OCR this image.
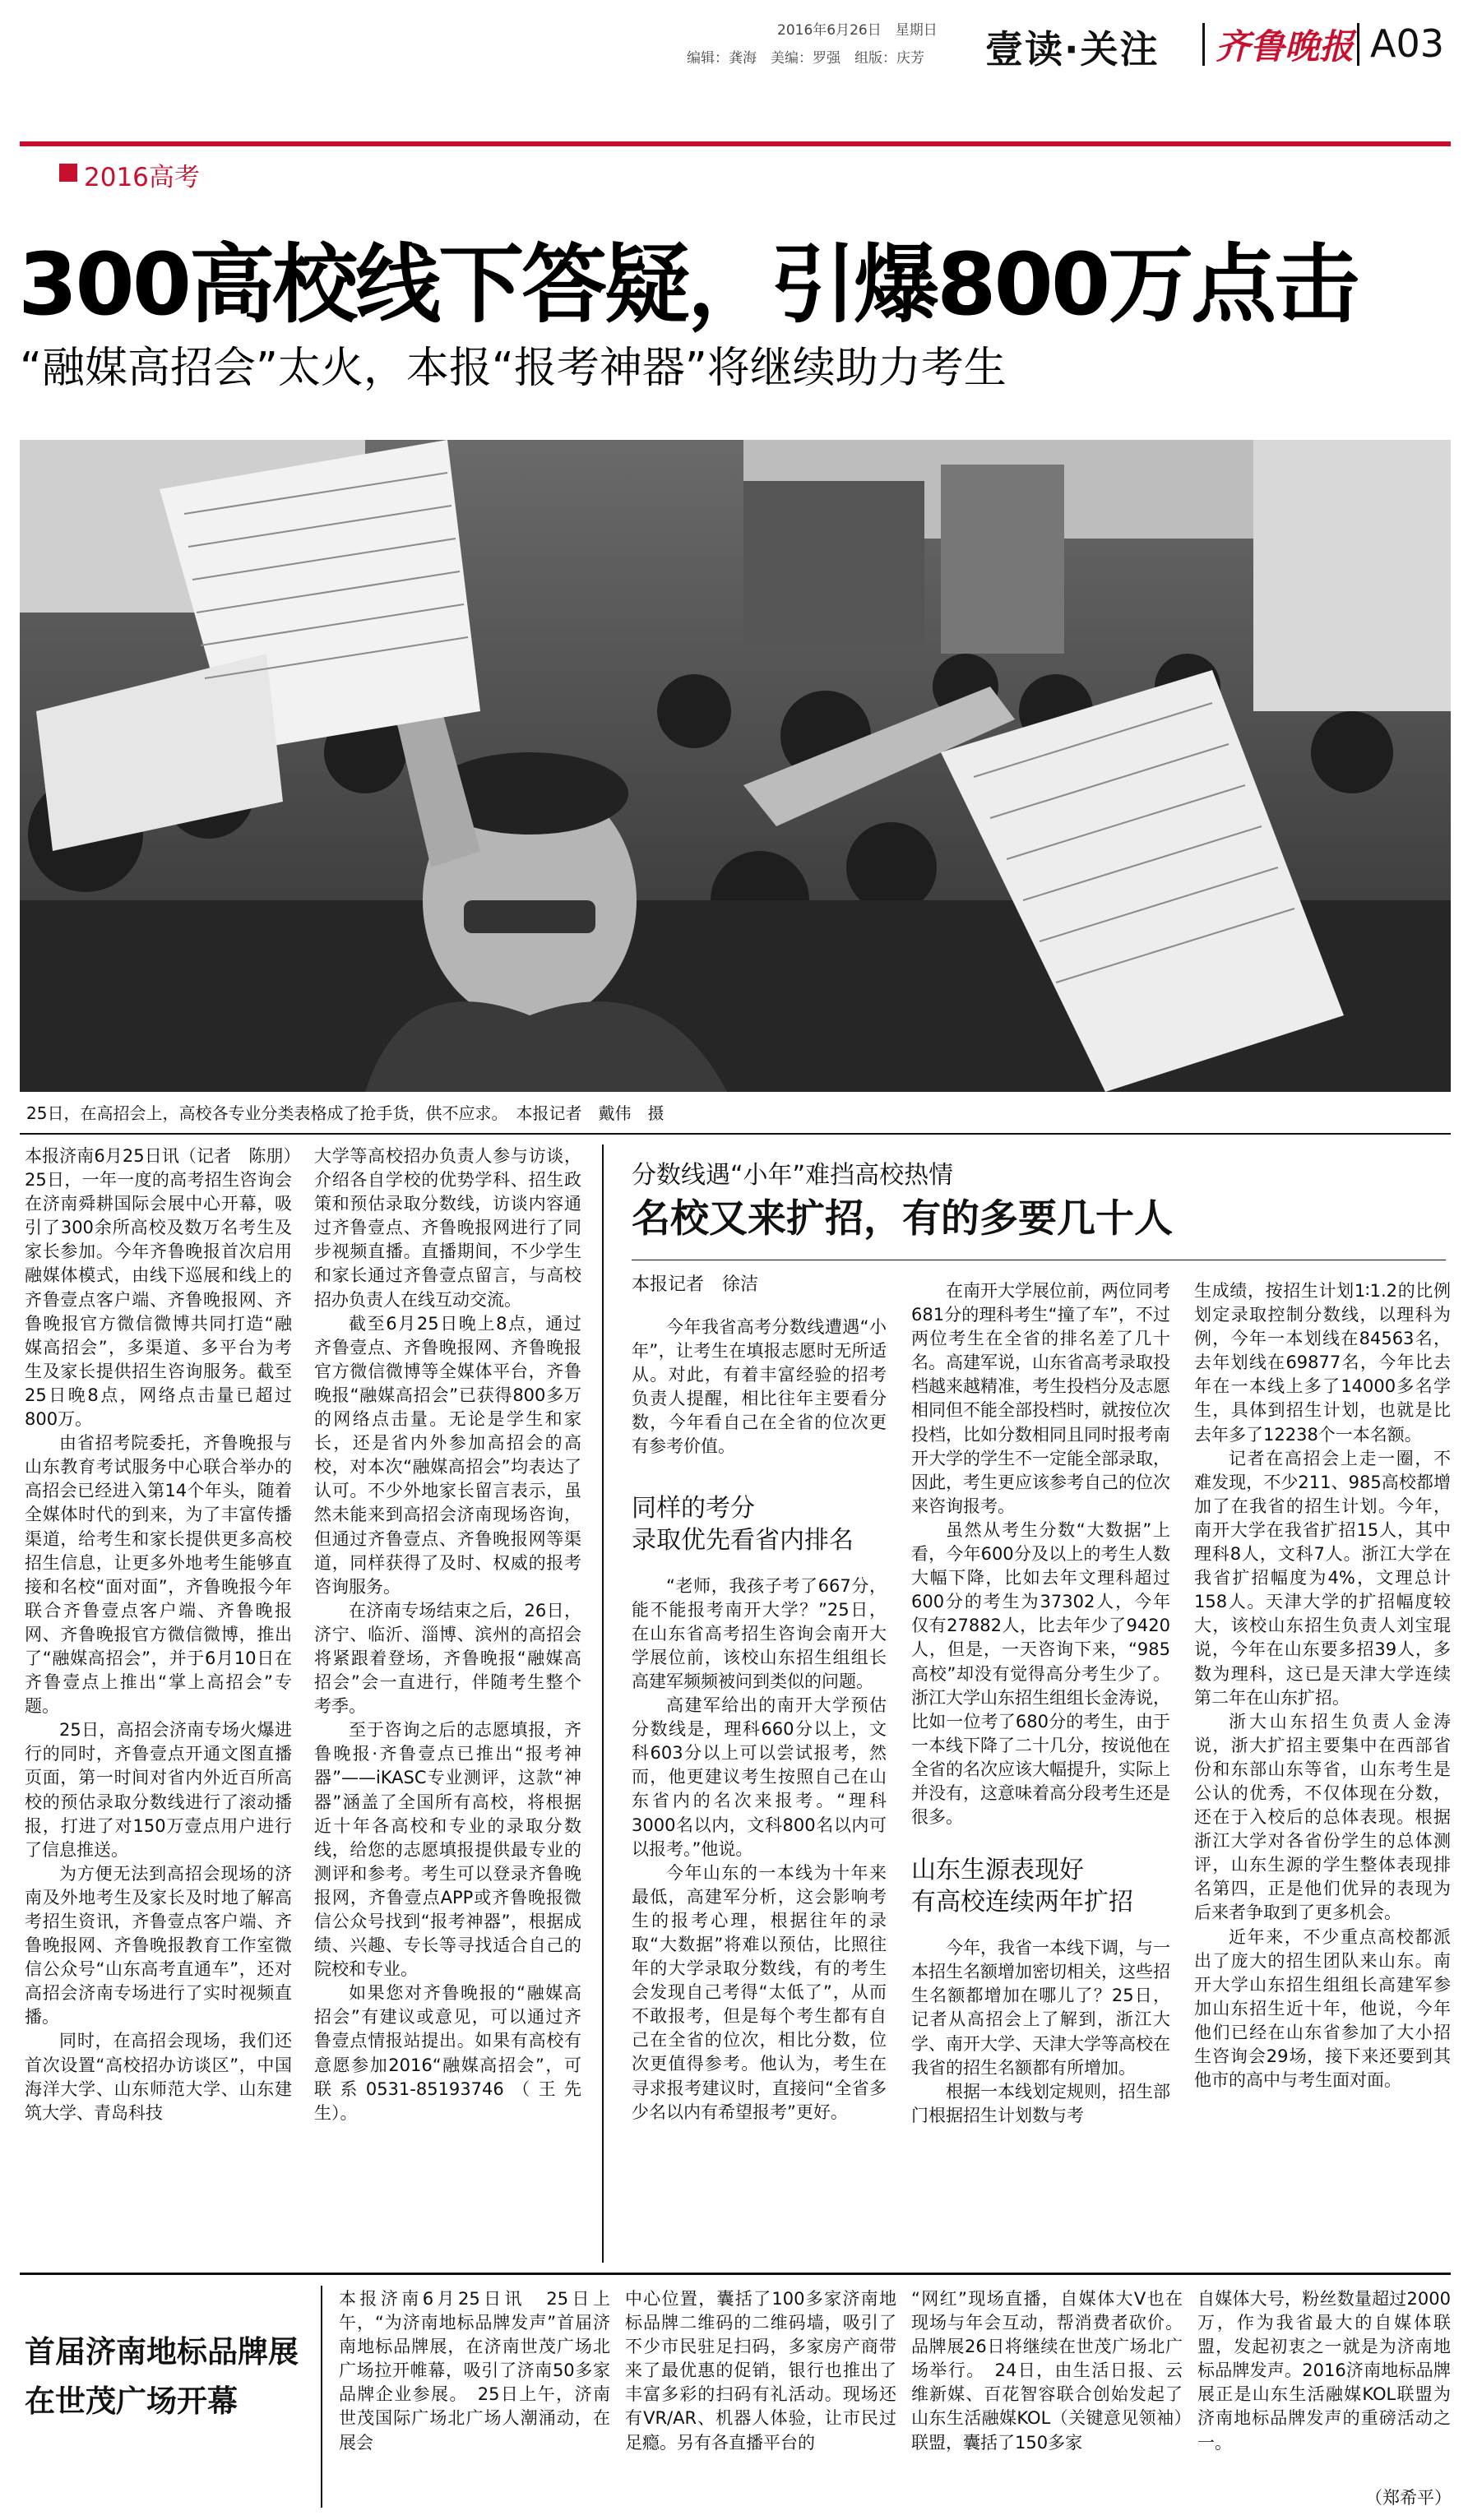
2016年6月26日　星期日
编辑：龚海　美编：罗强　组版：庆芳 壹读·关注 齐鲁晚报 A03
2016高考
300高校线下答疑，引爆800万点击
“融媒高招会”太火，本报“报考神器”将继续助力考生
25日，在高招会上，高校各专业分类表格成了抢手货，供不应求。　本报记者　戴伟　摄

本报济南6月25日讯（记者　陈朋）　25日，一年一度的高考招生咨询会在济南舜耕国际会展中心开幕，吸引了300余所高校及数万名考生及家长参加。今年齐鲁晚报首次启用融媒体模式，由线下巡展和线上的齐鲁壹点客户端、齐鲁晚报网、齐鲁晚报官方微信微博共同打造“融媒高招会”，多渠道、多平台为考生及家长提供招生咨询服务。截至25日晚8点，网络点击量已超过800万。

由省招考院委托，齐鲁晚报与山东教育考试服务中心联合举办的高招会已经进入第14个年头，随着全媒体时代的到来，为了丰富传播渠道，给考生和家长提供更多高校招生信息，让更多外地考生能够直接和名校“面对面”，齐鲁晚报今年联合齐鲁壹点客户端、齐鲁晚报网、齐鲁晚报官方微信微博，推出了“融媒高招会”，并于6月10日在齐鲁壹点上推出“掌上高招会”专题。

25日，高招会济南专场火爆进行的同时，齐鲁壹点开通文图直播页面，第一时间对省内外近百所高校的预估录取分数线进行了滚动播报，打进了对150万壹点用户进行了信息推送。

为方便无法到高招会现场的济南及外地考生及家长及时地了解高考招生资讯，齐鲁壹点客户端、齐鲁晚报网、齐鲁晚报教育工作室微信公众号“山东高考直通车”，还对高招会济南专场进行了实时视频直播。

同时，在高招会现场，我们还首次设置“高校招办访谈区”，中国海洋大学、山东师范大学、山东建筑大学、青岛科技

大学等高校招办负责人参与访谈，介绍各自学校的优势学科、招生政策和预估录取分数线，访谈内容通过齐鲁壹点、齐鲁晚报网进行了同步视频直播。直播期间，不少学生和家长通过齐鲁壹点留言，与高校招办负责人在线互动交流。

截至6月25日晚上8点，通过齐鲁壹点、齐鲁晚报网、齐鲁晚报官方微信微博等全媒体平台，齐鲁晚报“融媒高招会”已获得800多万的网络点击量。无论是学生和家长，还是省内外参加高招会的高校，对本次“融媒高招会”均表达了认可。不少外地家长留言表示，虽然未能来到高招会济南现场咨询，但通过齐鲁壹点、齐鲁晚报网等渠道，同样获得了及时、权威的报考咨询服务。

在济南专场结束之后，26日，济宁、临沂、淄博、滨州的高招会将紧跟着登场，齐鲁晚报“融媒高招会”会一直进行，伴随考生整个考季。

至于咨询之后的志愿填报，齐鲁晚报·齐鲁壹点已推出“报考神器”——iKASC专业测评，这款“神器”涵盖了全国所有高校，将根据近十年各高校和专业的录取分数线，给您的志愿填报提供最专业的测评和参考。考生可以登录齐鲁晚报网，齐鲁壹点APP或齐鲁晚报微信公众号找到“报考神器”，根据成绩、兴趣、专长等寻找适合自己的院校和专业。

如果您对齐鲁晚报的“融媒高招会”有建议或意见，可以通过齐鲁壹点情报站提出。如果有高校有意愿参加2016“融媒高招会”，可联系0531-85193746（王先生）。

分数线遇“小年”难挡高校热情
名校又来扩招，有的多要几十人
本报记者　徐洁

今年我省高考分数线遭遇“小年”，让考生在填报志愿时无所适从。对此，有着丰富经验的招考负责人提醒，相比往年主要看分数，今年看自己在全省的位次更有参考价值。

同样的考分
录取优先看省内排名

“老师，我孩子考了667分，能不能报考南开大学？”25日，在山东省高考招生咨询会南开大学展位前，该校山东招生组组长高建军频频被问到类似的问题。

高建军给出的南开大学预估分数线是，理科660分以上，文科603分以上可以尝试报考，然而，他更建议考生按照自己在山东省内的名次来报考。“理科3000名以内，文科800名以内可以报考。”他说。

今年山东的一本线为十年来最低，高建军分析，这会影响考生的报考心理，根据往年的录取“大数据”将难以预估，比照往年的大学录取分数线，有的考生会发现自己考得“太低了”，从而不敢报考，但是每个考生都有自己在全省的位次，相比分数，位次更值得参考。他认为，考生在寻求报考建议时，直接问“全省多少名以内有希望报考”更好。

在南开大学展位前，两位同考681分的理科考生“撞了车”，不过两位考生在全省的排名差了几十名。高建军说，山东省高考录取投档越来越精准，考生投档分及志愿相同但不能全部投档时，就按位次投档，比如分数相同且同时报考南开大学的学生不一定能全部录取，因此，考生更应该参考自己的位次来咨询报考。

虽然从考生分数“大数据”上看，今年600分及以上的考生人数大幅下降，比如去年文理科超过600分的考生为37302人，今年仅有27882人，比去年少了9420人，但是，一天咨询下来，“985高校”却没有觉得高分考生少了。浙江大学山东招生组组长金涛说，比如一位考了680分的考生，由于一本线下降了二十几分，按说他在全省的名次应该大幅提升，实际上并没有，这意味着高分段考生还是很多。

山东生源表现好
有高校连续两年扩招

今年，我省一本线下调，与一本招生名额增加密切相关，这些招生名额都增加在哪儿了？25日，记者从高招会上了解到，浙江大学、南开大学、天津大学等高校在我省的招生名额都有所增加。

根据一本线划定规则，招生部门根据招生计划数与考

生成绩，按招生计划1∶1.2的比例划定录取控制分数线，以理科为例，今年一本划线在84563名，去年划线在69877名，今年比去年在一本线上多了14000多名学生，具体到招生计划，也就是比去年多了12238个一本名额。

记者在高招会上走一圈，不难发现，不少211、985高校都增加了在我省的招生计划。今年，南开大学在我省扩招15人，其中理科8人，文科7人。浙江大学在我省扩招幅度为4%，文理总计158人。天津大学的扩招幅度较大，该校山东招生负责人刘宝琨说，今年在山东要多招39人，多数为理科，这已是天津大学连续第二年在山东扩招。

浙大山东招生负责人金涛说，浙大扩招主要集中在西部省份和东部山东等省，山东考生是公认的优秀，不仅体现在分数，还在于入校后的总体表现。根据浙江大学对各省份学生的总体测评，山东生源的学生整体表现排名第四，正是他们优异的表现为后来者争取到了更多机会。

近年来，不少重点高校都派出了庞大的招生团队来山东。南开大学山东招生组组长高建军参加山东招生近十年，他说，今年他们已经在山东省参加了大小招生咨询会29场，接下来还要到其他市的高中与考生面对面。

首届济南地标品牌展
在世茂广场开幕

本报济南6月25日讯　25日上午，“为济南地标品牌发声”首届济南地标品牌展，在济南世茂广场北广场拉开帷幕，吸引了济南50多家品牌企业参展。　25日上午，济南世茂国际广场北广场人潮涌动，在展会

中心位置，囊括了100多家济南地标品牌二维码的二维码墙，吸引了不少市民驻足扫码，多家房产商带来了最优惠的促销，银行也推出了丰富多彩的扫码有礼活动。现场还有VR/AR、机器人体验，让市民过足瘾。另有各直播平台的

“网红”现场直播，自媒体大V也在现场与年会互动，帮消费者砍价。品牌展26日将继续在世茂广场北广场举行。　24日，由生活日报、云维新媒、百花智容联合创始发起了山东生活融媒KOL（关键意见领袖）联盟，囊括了150多家

自媒体大号，粉丝数量超过2000万，作为我省最大的自媒体联盟，发起初衷之一就是为济南地标品牌发声。2016济南地标品牌展正是山东生活融媒KOL联盟为济南地标品牌发声的重磅活动之一。

（郑希平）
